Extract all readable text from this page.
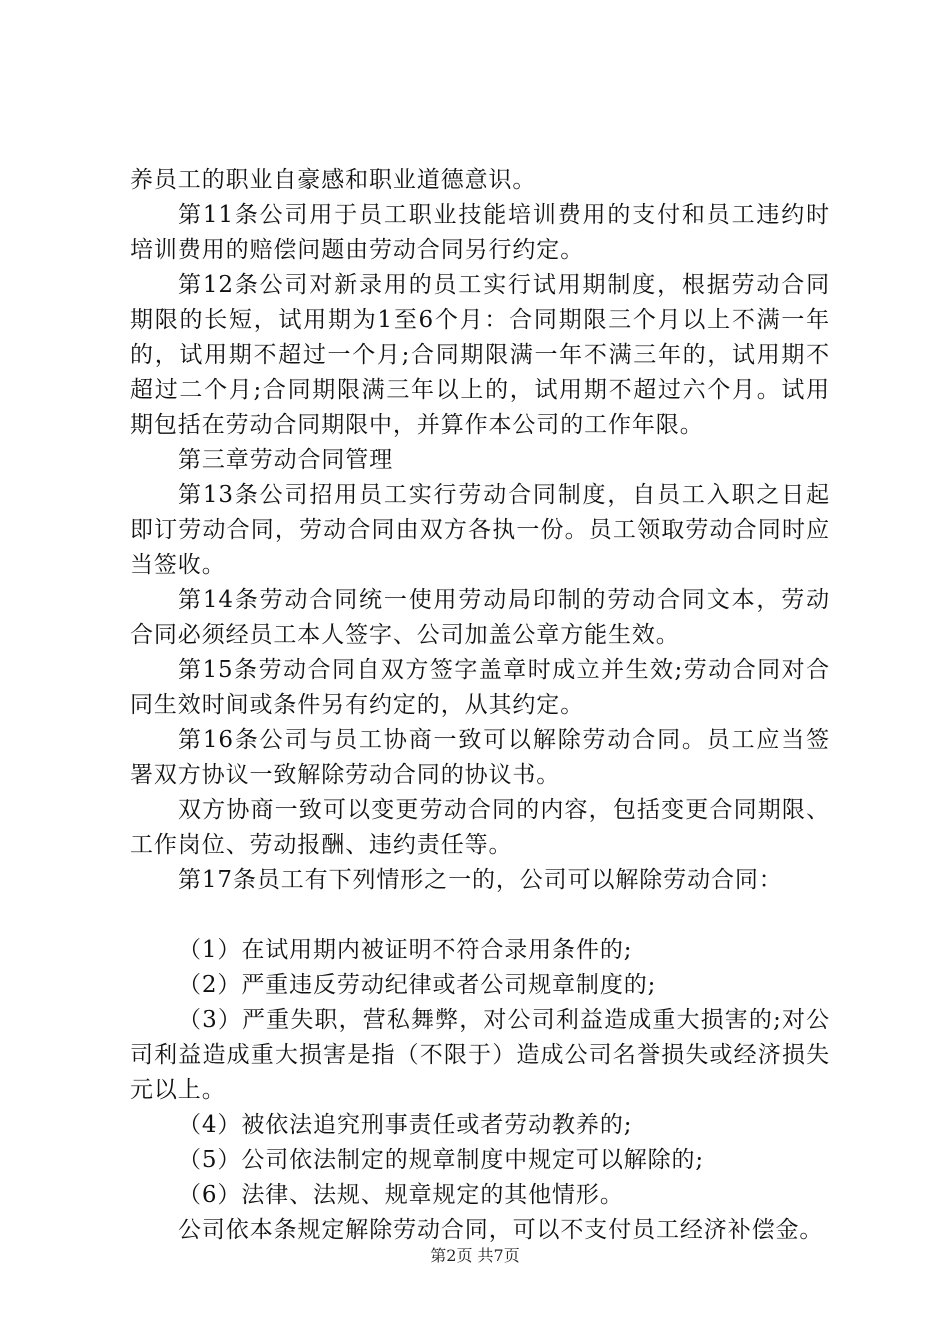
养员工的职业自豪感和职业道德意识。

第11条公司用于员工职业技能培训费用的支付和员工违约时培训费用的赔偿问题由劳动合同另行约定。

第12条公司对新录用的员工实行试用期制度，根据劳动合同期限的长短，试用期为1至6个月：合同期限三个月以上不满一年的，试用期不超过一个月;合同期限满一年不满三年的，试用期不超过二个月;合同期限满三年以上的，试用期不超过六个月。试用期包括在劳动合同期限中，并算作本公司的工作年限。

第三章劳动合同管理

第13条公司招用员工实行劳动合同制度，自员工入职之日起即订劳动合同，劳动合同由双方各执一份。员工领取劳动合同时应当签收。

第14条劳动合同统一使用劳动局印制的劳动合同文本，劳动合同必须经员工本人签字、公司加盖公章方能生效。

第15条劳动合同自双方签字盖章时成立并生效;劳动合同对合同生效时间或条件另有约定的，从其约定。

第16条公司与员工协商一致可以解除劳动合同。员工应当签署双方协议一致解除劳动合同的协议书。

双方协商一致可以变更劳动合同的内容，包括变更合同期限、工作岗位、劳动报酬、违约责任等。

第17条员工有下列情形之一的，公司可以解除劳动合同：

（1）在试用期内被证明不符合录用条件的;

（2）严重违反劳动纪律或者公司规章制度的;

（3）严重失职，营私舞弊，对公司利益造成重大损害的;对公司利益造成重大损害是指（不限于）造成公司名誉损失或经济损失元以上。

（4）被依法追究刑事责任或者劳动教养的;

（5）公司依法制定的规章制度中规定可以解除的;

（6）法律、法规、规章规定的其他情形。

公司依本条规定解除劳动合同，可以不支付员工经济补偿金。

第2页 共7页
